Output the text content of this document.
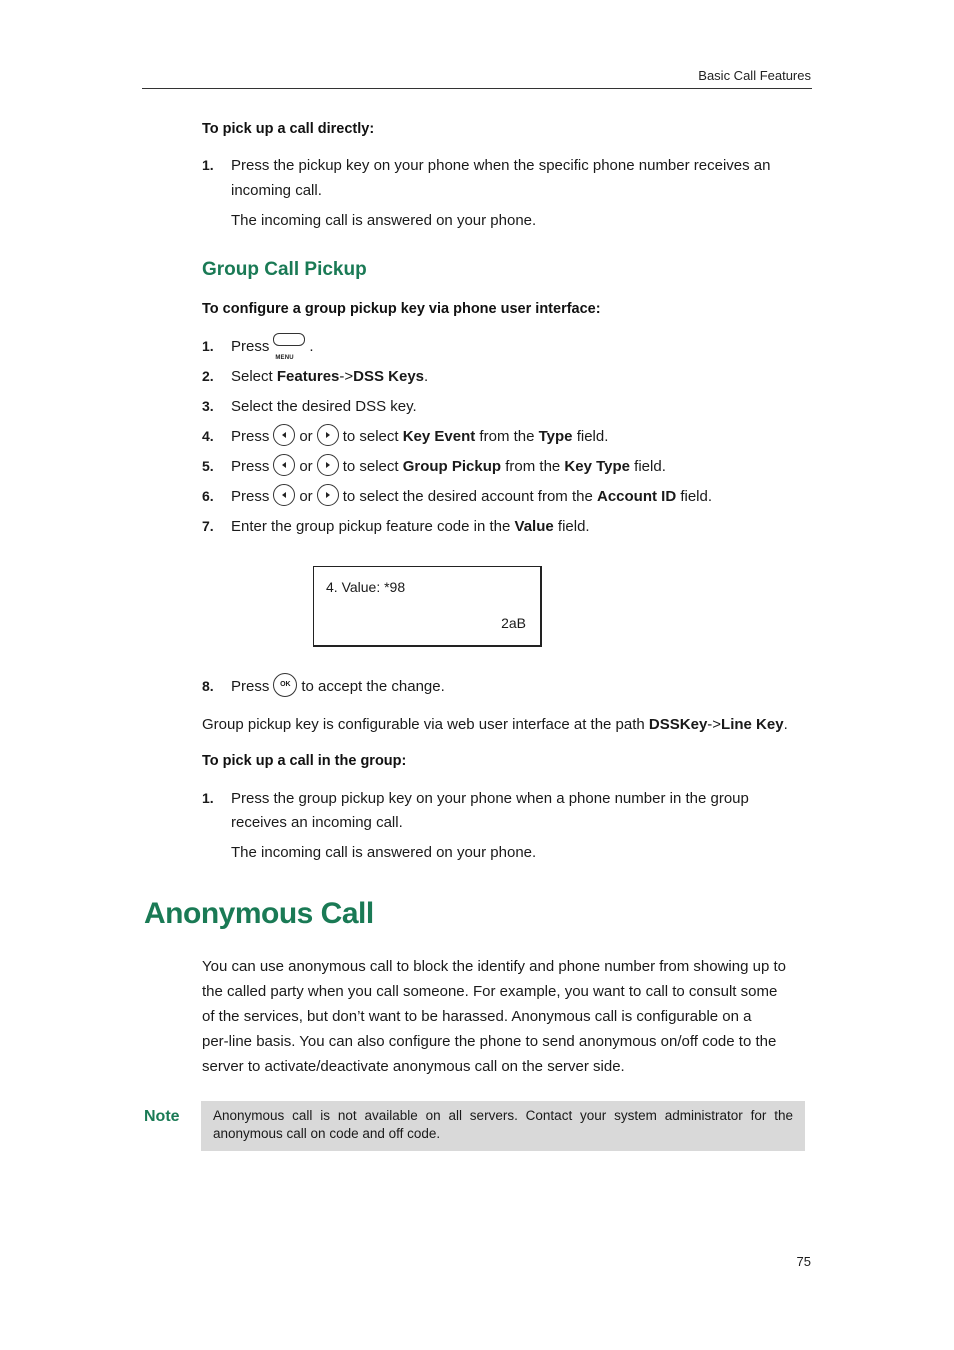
Basic Call Features
To pick up a call directly:
1. Press the pickup key on your phone when the specific phone number receives an
incoming call.
The incoming call is answered on your phone.
Group Call Pickup
To configure a group pickup key via phone user interface:
1. Press
MENU
.
2. Select Features->DSS Keys.
3. Select the desired DSS key.
4. Press or to select Key Event from the Type field.
5. Press or to select Group Pickup from the Key Type field.
6. Press or to select the desired account from the Account ID field.
7. Enter the group pickup feature code in the Value field.
4. Value: *98
2aB
8. Press OK to accept the change.
Group pickup key is configurable via web user interface at the path DSSKey->Line Key.
To pick up a call in the group:
1. Press the group pickup key on your phone when a phone number in the group
receives an incoming call.
The incoming call is answered on your phone.
Anonymous Call
You can use anonymous call to block the identify and phone number from showing up to
the called party when you call someone. For example, you want to call to consult some
of the services, but don’t want to be harassed. Anonymous call is configurable on a
per-line basis. You can also configure the phone to send anonymous on/off code to the
server to activate/deactivate anonymous call on the server side.
Note Anonymous call is not available on all servers. Contact your system administrator for the anonymous call on code and off code.
75
